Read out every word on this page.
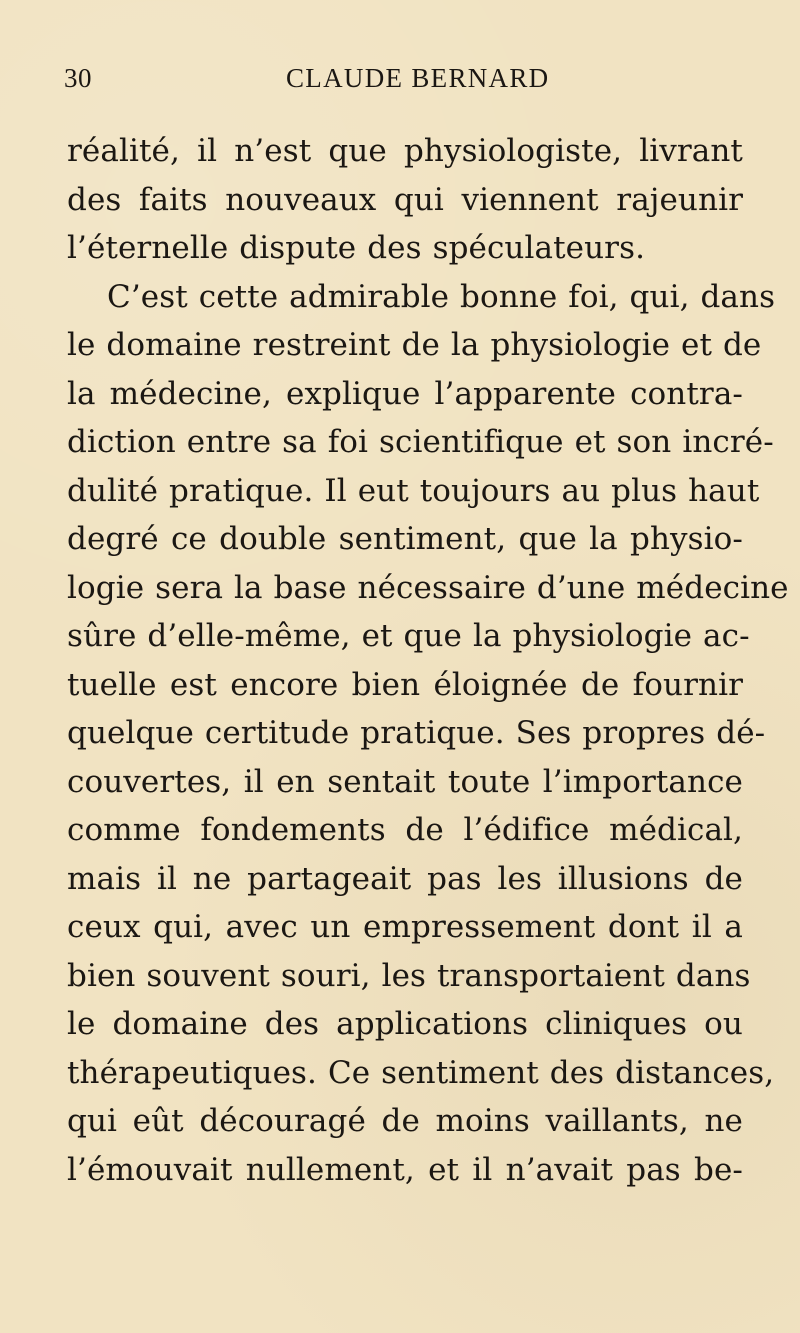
30	CLAUDE BERNARD
réalité, il n’est que physiologiste, livrant
des faits nouveaux qui viennent rajeunir
l’éternelle dispute des spéculateurs.
C’est cette admirable bonne foi, qui, dans
le domaine restreint de la physiologie et de
la médecine, explique l’apparente contra-
diction entre sa foi scientifique et son incré-
dulité pratique. Il eut toujours au plus haut
degré ce double sentiment, que la physio-
logie sera la base nécessaire d’une médecine
sûre d’elle-même, et que la physiologie ac-
tuelle est encore bien éloignée de fournir
quelque certitude pratique. Ses propres dé-
couvertes, il en sentait toute l’importance
comme fondements de l’édifice médical,
mais il ne partageait pas les illusions de
ceux qui, avec un empressement dont il a
bien souvent souri, les transportaient dans
le domaine des applications cliniques ou
thérapeutiques. Ce sentiment des distances,
qui eût découragé de moins vaillants, ne
l’émouvait nullement, et il n’avait pas be-
